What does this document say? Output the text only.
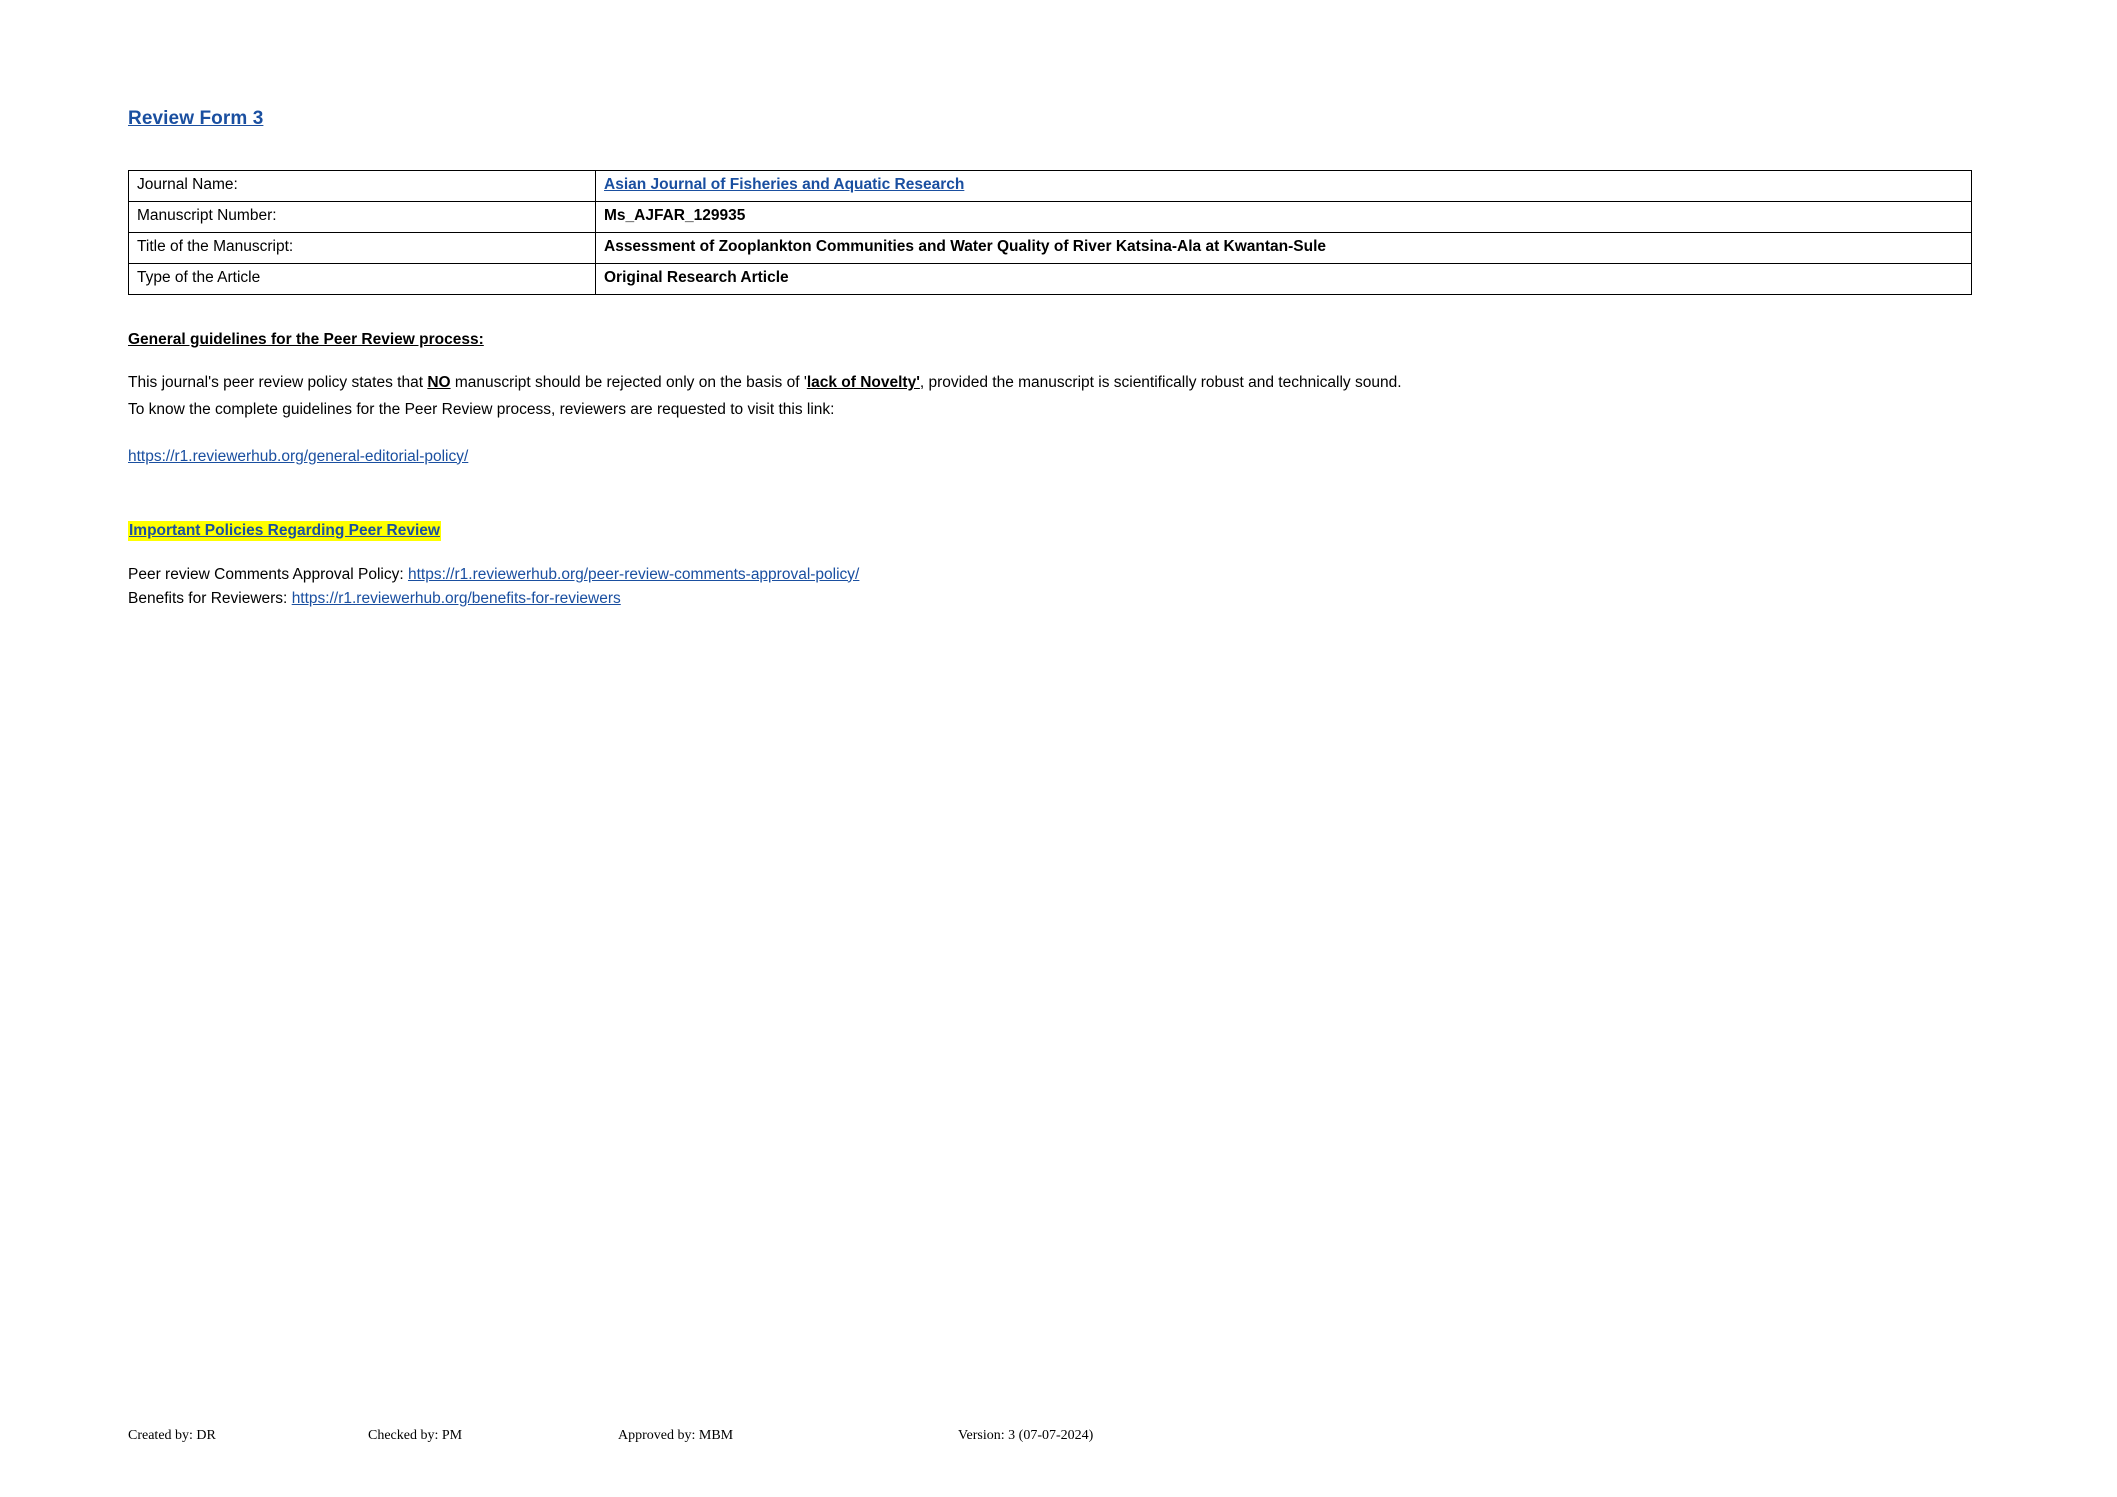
Review Form 3
Journal Name:	Asian Journal of Fisheries and Aquatic Research
Manuscript Number:	Ms_AJFAR_129935
Title of the Manuscript:	Assessment of Zooplankton Communities and Water Quality of River Katsina-Ala at Kwantan-Sule
Type of the Article	Original Research Article
General guidelines for the Peer Review process:

This journal's peer review policy states that NO manuscript should be rejected only on the basis of 'lack of Novelty', provided the manuscript is scientifically robust and technically sound.

To know the complete guidelines for the Peer Review process, reviewers are requested to visit this link:

https://r1.reviewerhub.org/general-editorial-policy/

Important Policies Regarding Peer Review

Peer review Comments Approval Policy: https://r1.reviewerhub.org/peer-review-comments-approval-policy/

Benefits for Reviewers: https://r1.reviewerhub.org/benefits-for-reviewers

Created by: DR	Checked by: PM	Approved by: MBM	Version: 3 (07-07-2024)
